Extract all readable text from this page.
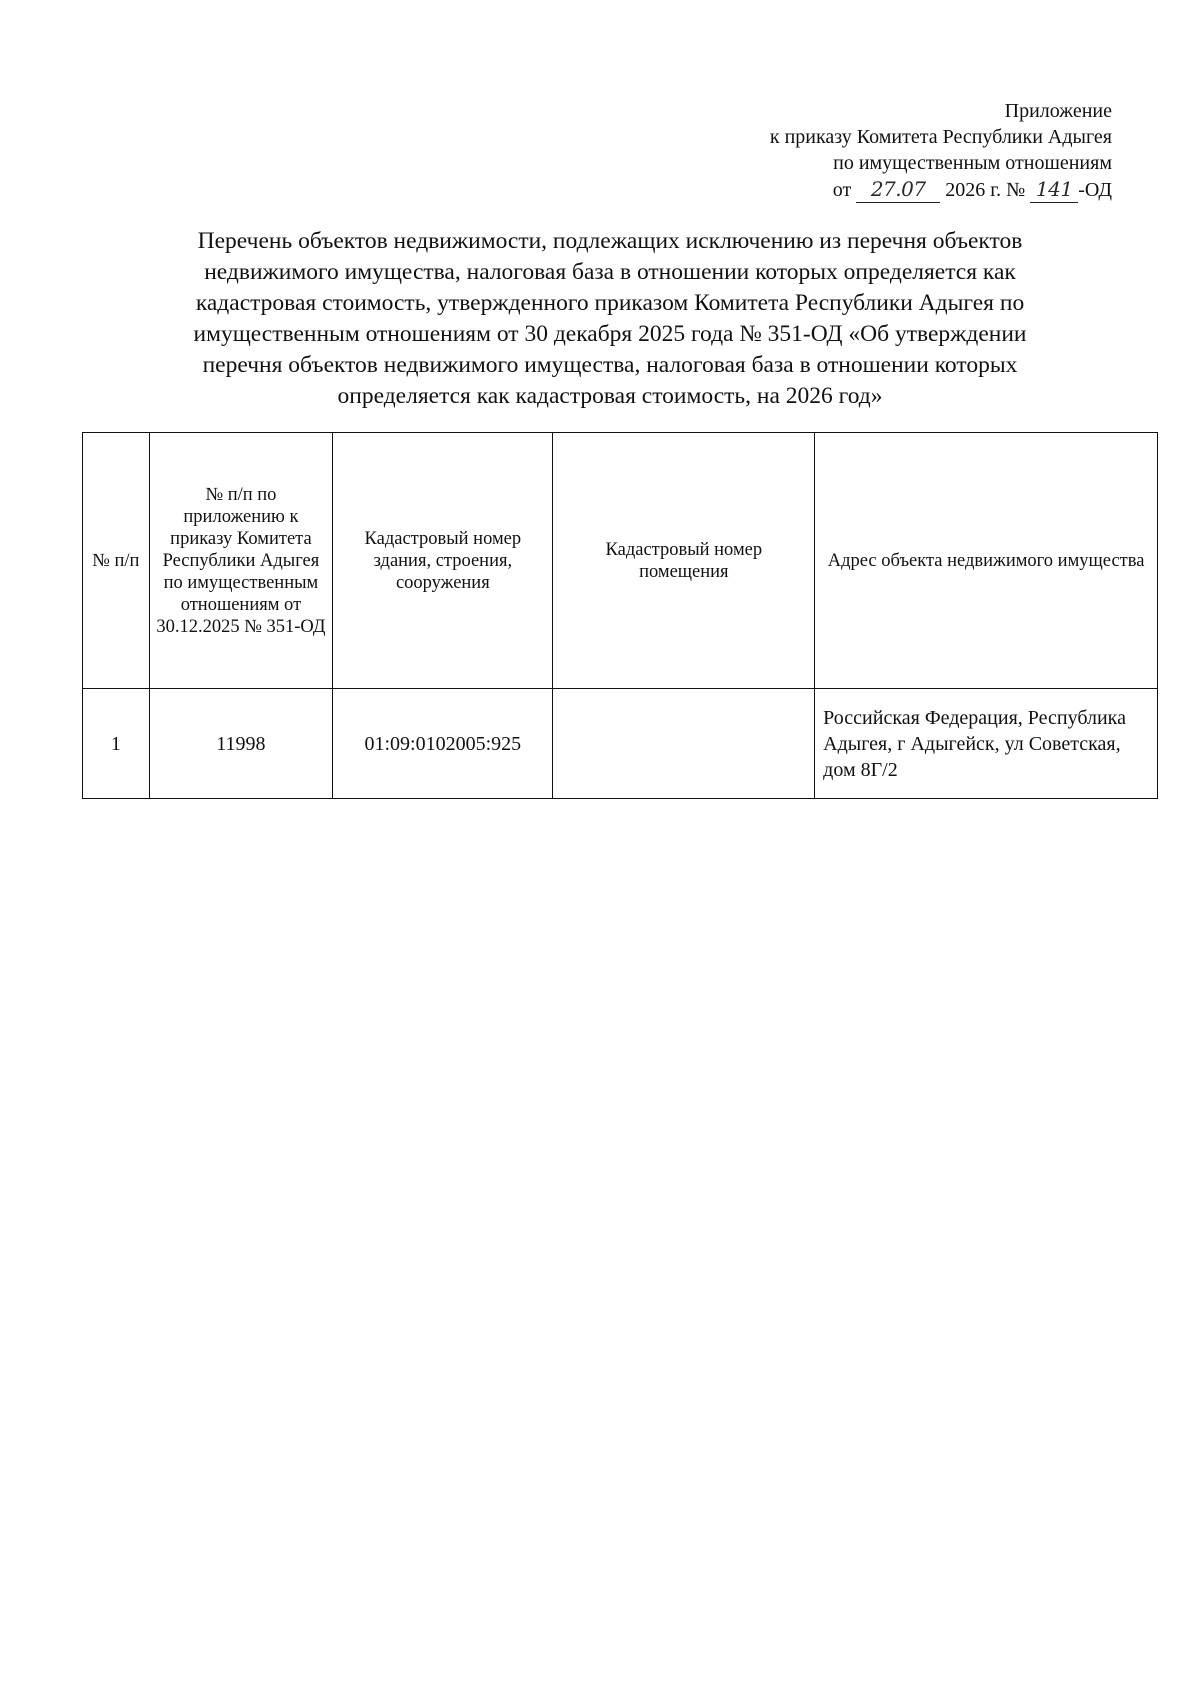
Приложение
к приказу Комитета Республики Адыгея
по имущественным отношениям
от 27.07 2026 г. № 141 -ОД
Перечень объектов недвижимости, подлежащих исключению из перечня объектов
недвижимого имущества, налоговая база в отношении которых определяется как
кадастровая стоимость, утвержденного приказом Комитета Республики Адыгея по
имущественным отношениям от 30 декабря 2025 года № 351-ОД «Об утверждении
перечня объектов недвижимого имущества, налоговая база в отношении которых
определяется как кадастровая стоимость, на 2026 год»
№ п/п	№ п/п по приложению к приказу Комитета Республики Адыгея по имущественным отношениям от 30.12.2025 № 351-ОД	Кадастровый номер здания, строения, сооружения	Кадастровый номер помещения	Адрес объекта недвижимого имущества
1	11998	01:09:0102005:925		Российская Федерация, Республика Адыгея, г Адыгейск, ул Советская, дом 8Г/2
